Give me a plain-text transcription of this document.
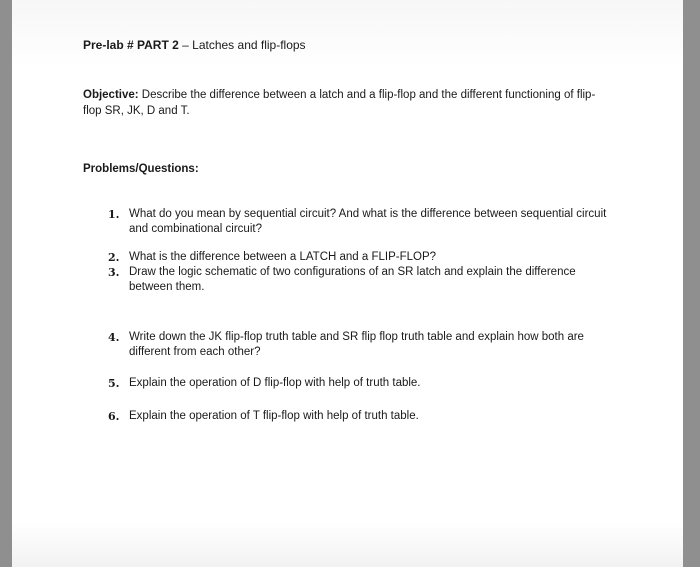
Pre-lab # PART 2 – Latches and flip-flops
Objective: Describe the difference between a latch and a flip-flop and the different functioning of flip-flop SR, JK, D and T.
Problems/Questions:
1. What do you mean by sequential circuit? And what is the difference between sequential circuit and combinational circuit?
2. What is the difference between a LATCH and a FLIP-FLOP?
3. Draw the logic schematic of two configurations of an SR latch and explain the difference between them.
4. Write down the JK flip-flop truth table and SR flip flop truth table and explain how both are different from each other?
5. Explain the operation of D flip-flop with help of truth table.
6. Explain the operation of T flip-flop with help of truth table.
